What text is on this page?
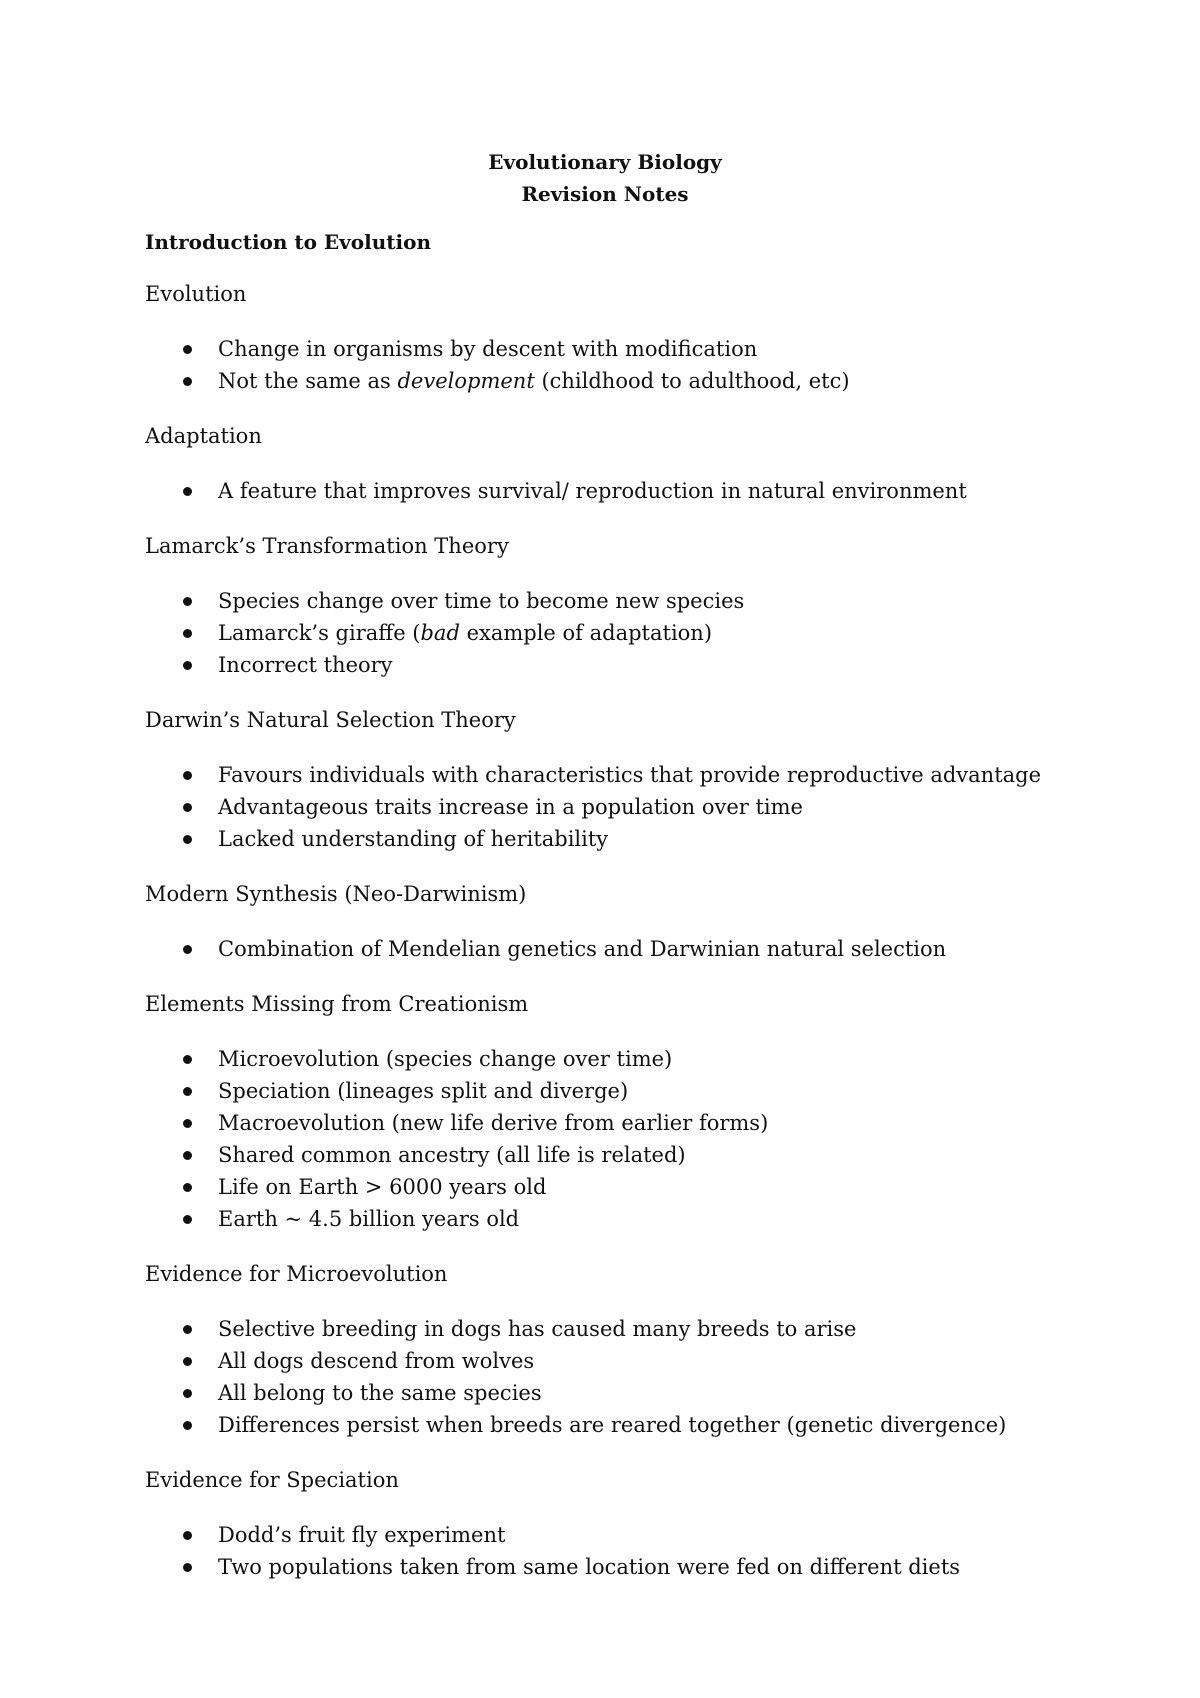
Evolutionary Biology
Revision Notes
Introduction to Evolution
Evolution
Change in organisms by descent with modification
Not the same as development (childhood to adulthood, etc)
Adaptation
A feature that improves survival/ reproduction in natural environment
Lamarck’s Transformation Theory
Species change over time to become new species
Lamarck’s giraffe (bad example of adaptation)
Incorrect theory
Darwin’s Natural Selection Theory
Favours individuals with characteristics that provide reproductive advantage
Advantageous traits increase in a population over time
Lacked understanding of heritability
Modern Synthesis (Neo-Darwinism)
Combination of Mendelian genetics and Darwinian natural selection
Elements Missing from Creationism
Microevolution (species change over time)
Speciation (lineages split and diverge)
Macroevolution (new life derive from earlier forms)
Shared common ancestry (all life is related)
Life on Earth > 6000 years old
Earth ~ 4.5 billion years old
Evidence for Microevolution
Selective breeding in dogs has caused many breeds to arise
All dogs descend from wolves
All belong to the same species
Differences persist when breeds are reared together (genetic divergence)
Evidence for Speciation
Dodd’s fruit fly experiment
Two populations taken from same location were fed on different diets
